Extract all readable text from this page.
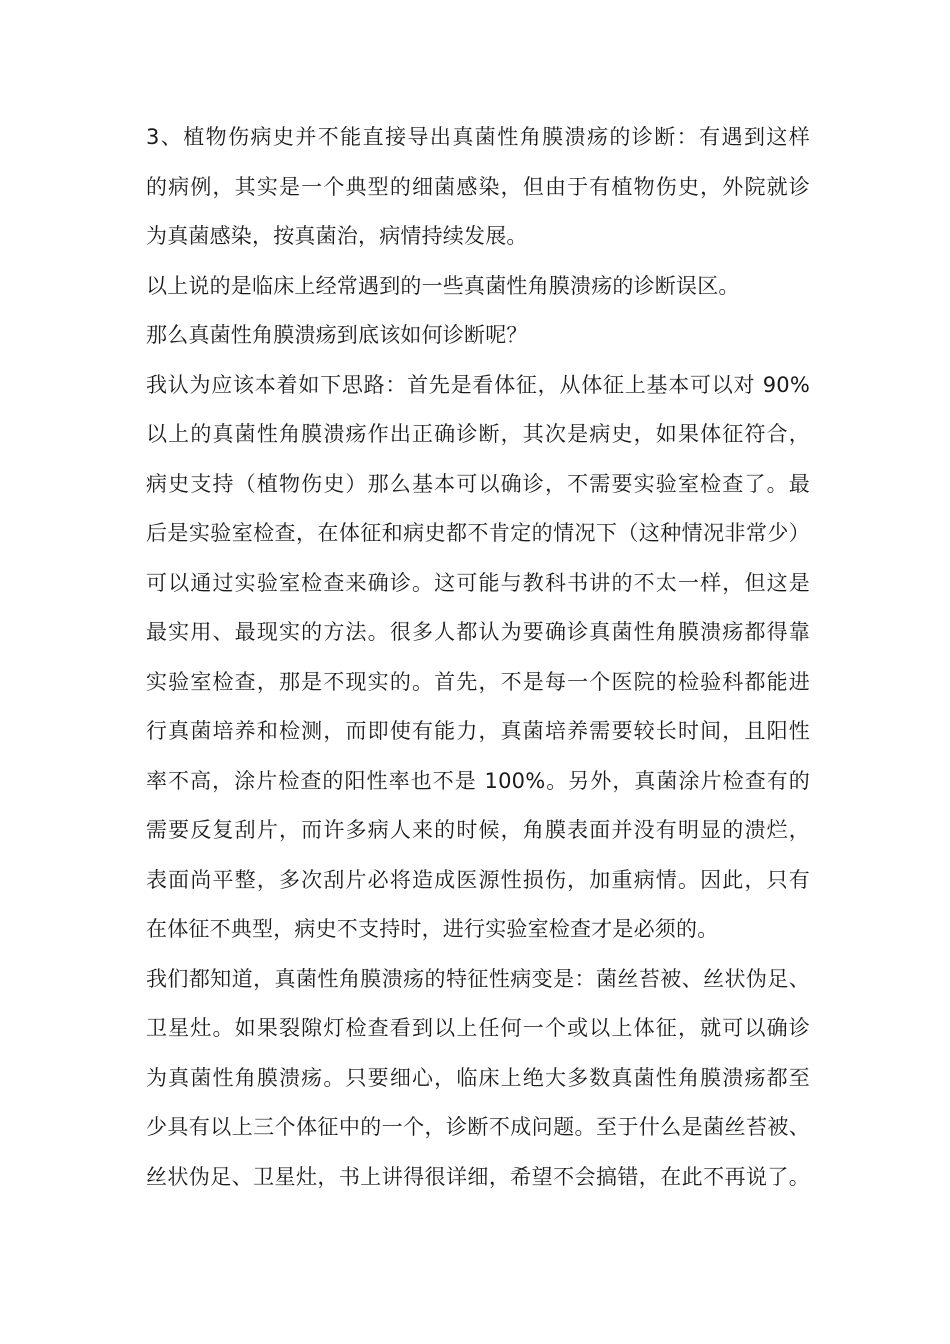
3、植物伤病史并不能直接导出真菌性角膜溃疡的诊断：有遇到这样
的病例，其实是一个典型的细菌感染，但由于有植物伤史，外院就诊
为真菌感染，按真菌治，病情持续发展。
以上说的是临床上经常遇到的一些真菌性角膜溃疡的诊断误区。
那么真菌性角膜溃疡到底该如何诊断呢？
我认为应该本着如下思路：首先是看体征，从体征上基本可以对 90%
以上的真菌性角膜溃疡作出正确诊断，其次是病史，如果体征符合，
病史支持（植物伤史）那么基本可以确诊，不需要实验室检查了。最
后是实验室检查，在体征和病史都不肯定的情况下（这种情况非常少）
可以通过实验室检查来确诊。这可能与教科书讲的不太一样，但这是
最实用、最现实的方法。很多人都认为要确诊真菌性角膜溃疡都得靠
实验室检查，那是不现实的。首先，不是每一个医院的检验科都能进
行真菌培养和检测，而即使有能力，真菌培养需要较长时间，且阳性
率不高，涂片检查的阳性率也不是 100%。另外，真菌涂片检查有的
需要反复刮片，而许多病人来的时候，角膜表面并没有明显的溃烂，
表面尚平整，多次刮片必将造成医源性损伤，加重病情。因此，只有
在体征不典型，病史不支持时，进行实验室检查才是必须的。
我们都知道，真菌性角膜溃疡的特征性病变是：菌丝苔被、丝状伪足、
卫星灶。如果裂隙灯检查看到以上任何一个或以上体征，就可以确诊
为真菌性角膜溃疡。只要细心，临床上绝大多数真菌性角膜溃疡都至
少具有以上三个体征中的一个，诊断不成问题。至于什么是菌丝苔被、
丝状伪足、卫星灶，书上讲得很详细，希望不会搞错，在此不再说了。
